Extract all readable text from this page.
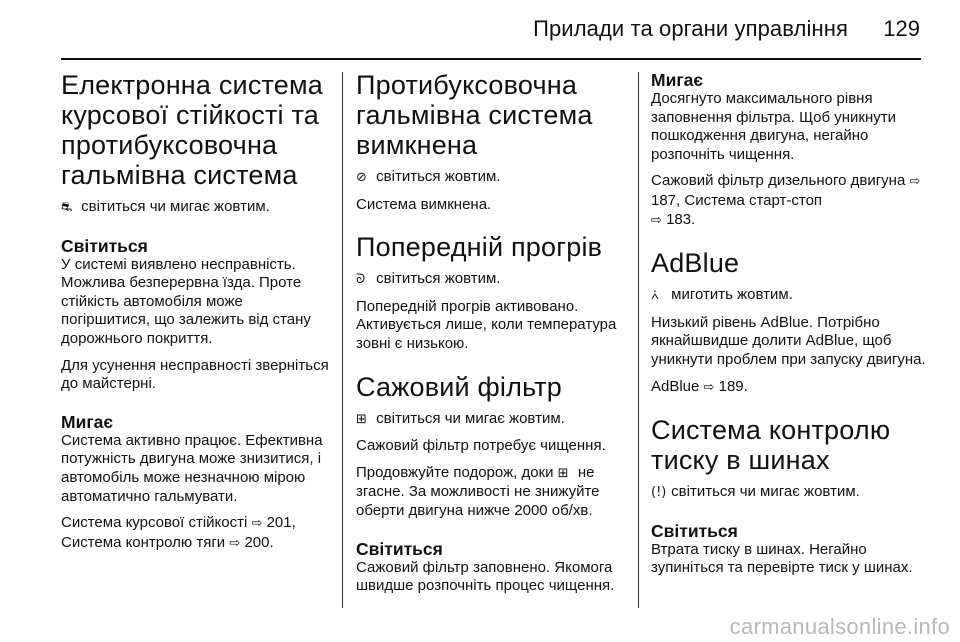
Прилади та органи управління 129
Електронна система курсової стійкості та протибуксовочна гальмівна система

⛐ світиться чи мигає жовтим.

Світиться

У системі виявлено несправність. Можлива безперервна їзда. Проте стійкість автомобіля може погіршитися, що залежить від стану дорожнього покриття.

Для усунення несправності зверніться до майстерні.

Мигає

Система активно працює. Ефективна потужність двигуна може знизитися, і автомобіль може незначною мірою автоматично гальмувати.

Система курсової стійкості ⇨ 201,
Система контролю тяги ⇨ 200.

Протибуксовочна гальмівна система вимкнена

⊘ світиться жовтим.

Система вимкнена.

Попередній прогрів

ᘐ світиться жовтим.

Попередній прогрів активовано. Активується лише, коли температура зовні є низькою.

Сажовий фільтр

⊞ світиться чи мигає жовтим.

Сажовий фільтр потребує чищення.

Продовжуйте подорож, доки ⊞ не згасне. За можливості не знижуйте оберти двигуна нижче 2000 об/хв.

Світиться

Сажовий фільтр заповнено. Якомога швидше розпочніть процес чищення.

Мигає

Досягнуто максимального рівня заповнення фільтра. Щоб уникнути пошкодження двигуна, негайно розпочніть чищення.

Сажовий фільтр дизельного двигуна ⇨ 187, Система старт-стоп
⇨ 183.

AdBlue

⩑ миготить жовтим.

Низький рівень AdBlue. Потрібно якнайшвидше долити AdBlue, щоб уникнути проблем при запуску двигуна.

AdBlue ⇨ 189.

Система контролю тиску в шинах

(!) світиться чи мигає жовтим.

Світиться

Втрата тиску в шинах. Негайно зупиніться та перевірте тиск у шинах.

carmanualsonline.info
